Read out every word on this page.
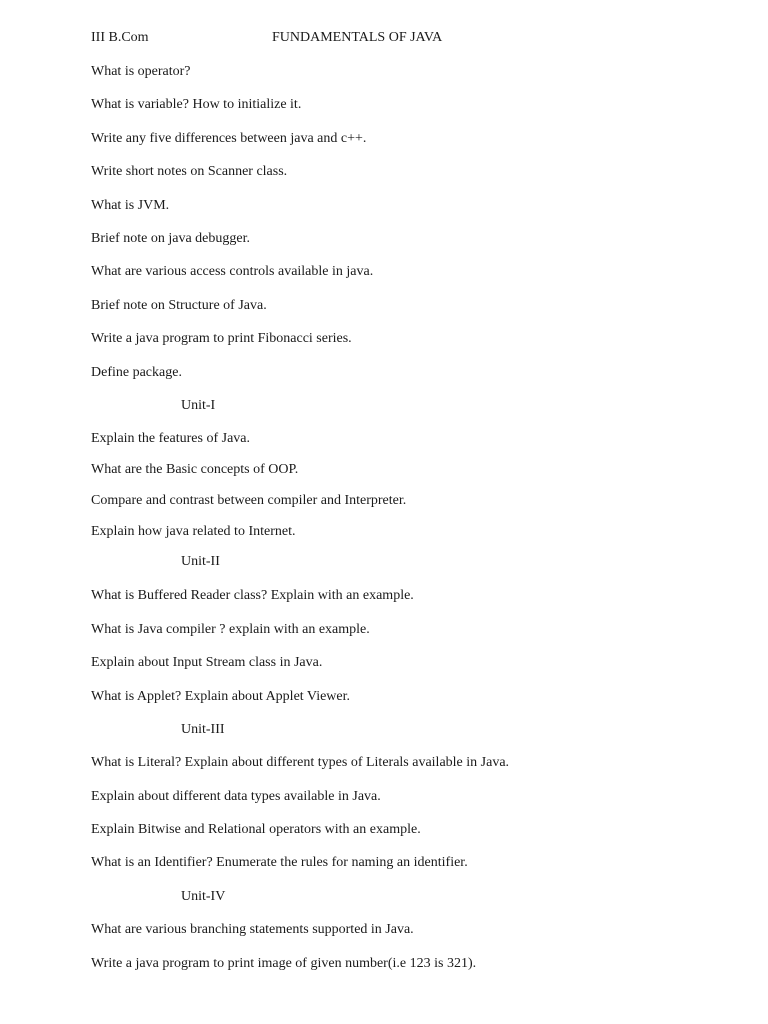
III B.Com	FUNDAMENTALS OF JAVA
What is operator?
What is variable? How to initialize it.
Write any five differences between java and c++.
Write short notes on Scanner class.
What is JVM.
Brief note on java debugger.
What are various access controls available in java.
Brief note on Structure of Java.
Write a java program to print Fibonacci series.
Define package.
Unit-I
Explain the features of Java.
What are the Basic concepts of OOP.
Compare and contrast between compiler and Interpreter.
Explain how java related to Internet.
Unit-II
What is Buffered Reader class? Explain with an example.
What is Java compiler ? explain with an example.
Explain about Input Stream class in Java.
What is Applet? Explain about Applet Viewer.
Unit-III
What is Literal? Explain about different types of Literals available in Java.
Explain about different data types available in Java.
Explain Bitwise and Relational operators with an example.
What is an Identifier? Enumerate the rules for naming an identifier.
Unit-IV
What are various branching statements supported in Java.
Write a java program to print image of given number(i.e 123 is 321).
